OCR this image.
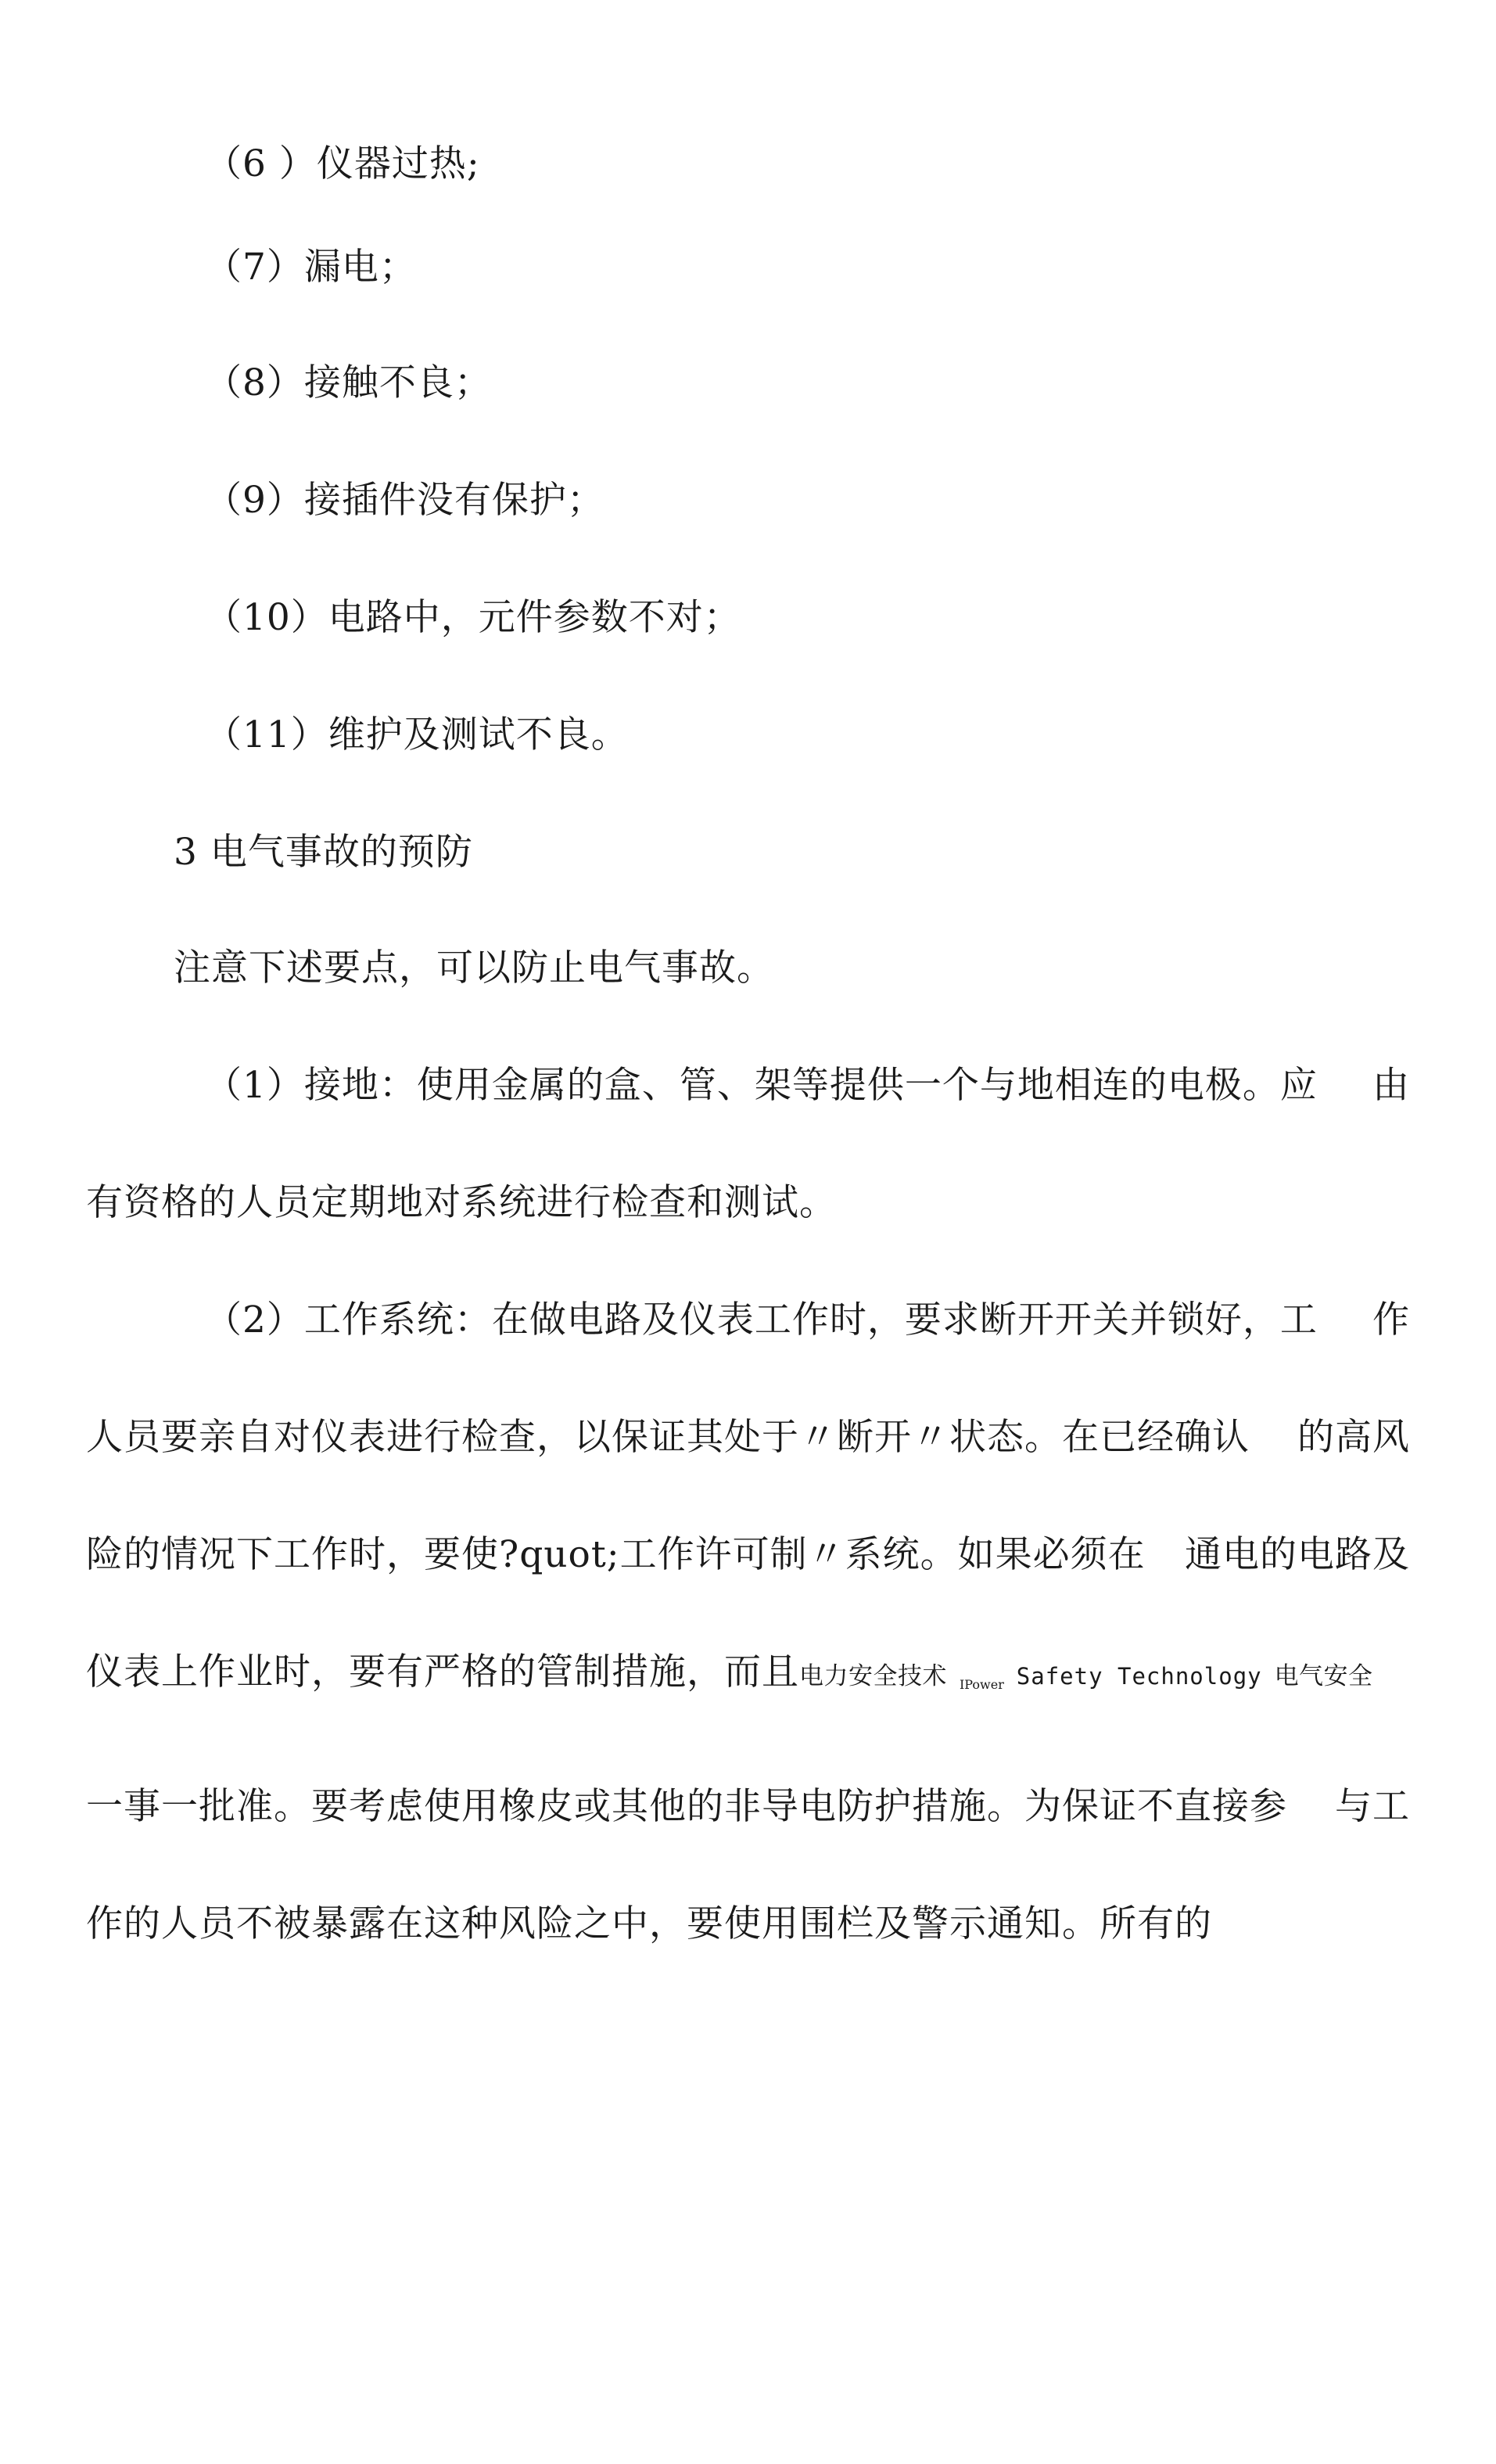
（6 ）仪器过热;
（7）漏电；
（8）接触不良；
（9）接插件没有保护；
（10）电路中，元件参数不对；
（11）维护及测试不良。
3 电气事故的预防
注意下述要点，可以防止电气事故。
（1）接地：使用金属的盒、管、架等提供一个与地相连的电极。应 由
有资格的人员定期地对系统进行检查和测试。
（2）工作系统：在做电路及仪表工作时，要求断开开关并锁好，工 作
人员要亲自对仪表进行检查，以保证其处于〃断开〃状态。在已经确认 的高风
险的情况下工作时，要使?quot;工作许可制〃系统。如果必须在 通电的电路及
仪表上作业时，要有严格的管制措施，而且电力安全技术 IPower Safety Technology 电气安全
一事一批准。要考虑使用橡皮或其他的非导电防护措施。为保证不直接参 与工
作的人员不被暴露在这种风险之中，要使用围栏及警示通知。所有的
